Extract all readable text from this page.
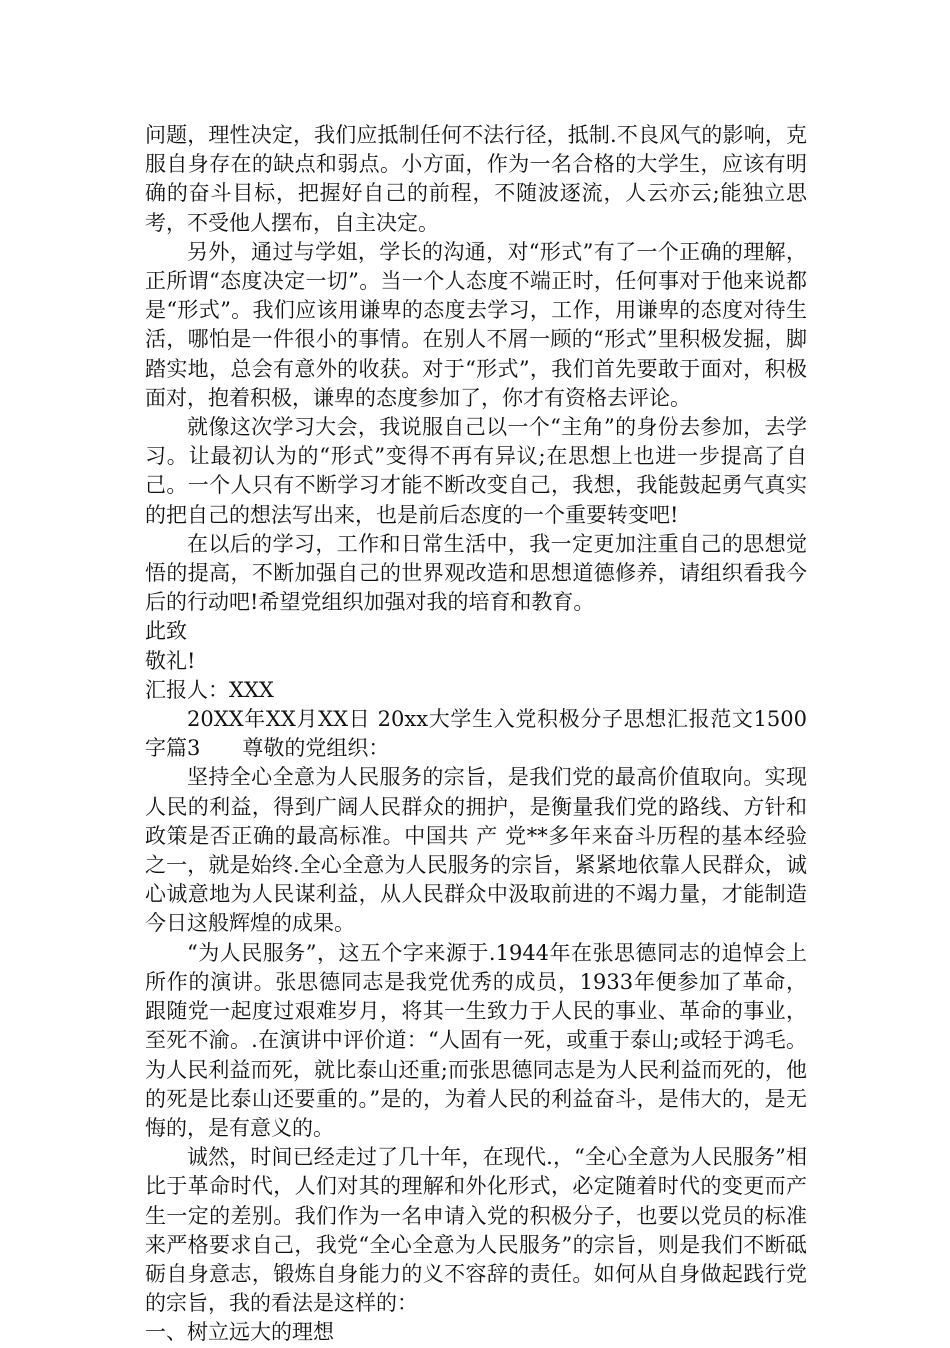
问题，理性决定，我们应抵制任何不法行径，抵制.不良风气的影响，克服自身存在的缺点和弱点。小方面，作为一名合格的大学生，应该有明确的奋斗目标，把握好自己的前程，不随波逐流，人云亦云;能独立思考，不受他人摆布，自主决定。

另外，通过与学姐，学长的沟通，对“形式”有了一个正确的理解，正所谓“态度决定一切”。当一个人态度不端正时，任何事对于他来说都是“形式”。我们应该用谦卑的态度去学习，工作，用谦卑的态度对待生活，哪怕是一件很小的事情。在别人不屑一顾的“形式”里积极发掘，脚踏实地，总会有意外的收获。对于“形式”，我们首先要敢于面对，积极面对，抱着积极，谦卑的态度参加了，你才有资格去评论。

就像这次学习大会，我说服自己以一个“主角”的身份去参加，去学习。让最初认为的“形式”变得不再有异议;在思想上也进一步提高了自己。一个人只有不断学习才能不断改变自己，我想，我能鼓起勇气真实的把自己的想法写出来，也是前后态度的一个重要转变吧!

在以后的学习，工作和日常生活中，我一定更加注重自己的思想觉悟的提高，不断加强自己的世界观改造和思想道德修养，请组织看我今后的行动吧!希望党组织加强对我的培育和教育。

此致

敬礼!

汇报人：XXX

20XX年XX月XX日 20xx大学生入党积极分子思想汇报范文1500字篇3　　尊敬的党组织：

坚持全心全意为人民服务的宗旨，是我们党的最高价值取向。实现人民的利益，得到广阔人民群众的拥护，是衡量我们党的路线、方针和政策是否正确的最高标准。中国共 产 党**多年来奋斗历程的基本经验之一，就是始终.全心全意为人民服务的宗旨，紧紧地依靠人民群众，诚心诚意地为人民谋利益，从人民群众中汲取前进的不竭力量，才能制造今日这般辉煌的成果。

“为人民服务”，这五个字来源于.1944年在张思德同志的追悼会上所作的演讲。张思德同志是我党优秀的成员，1933年便参加了革命，跟随党一起度过艰难岁月，将其一生致力于人民的事业、革命的事业，至死不渝。.在演讲中评价道：“人固有一死，或重于泰山;或轻于鸿毛。为人民利益而死，就比泰山还重;而张思德同志是为人民利益而死的，他的死是比泰山还要重的。”是的，为着人民的利益奋斗，是伟大的，是无悔的，是有意义的。

诚然，时间已经走过了几十年，在现代.，“全心全意为人民服务”相比于革命时代，人们对其的理解和外化形式，必定随着时代的变更而产生一定的差别。我们作为一名申请入党的积极分子，也要以党员的标准来严格要求自己，我党“全心全意为人民服务”的宗旨，则是我们不断砥砺自身意志，锻炼自身能力的义不容辞的责任。如何从自身做起践行党的宗旨，我的看法是这样的：

一、树立远大的理想
